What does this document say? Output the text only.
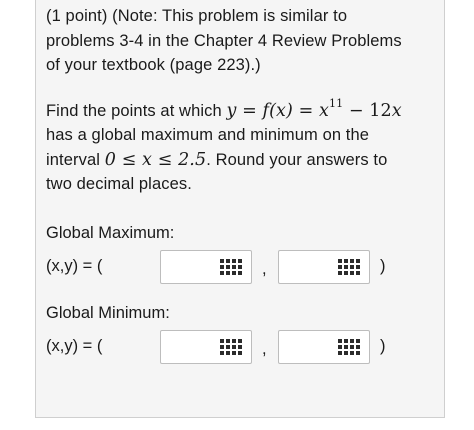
(1 point) (Note: This problem is similar to
problems 3-4 in the Chapter 4 Review Problems
of your textbook (page 223).)
Find the points at which $y = f(x) = x^{11} - 12x$
has a global maximum and minimum on the
interval 0 ≤ x ≤ 2.5. Round your answers to
two decimal places.
Global Maximum:
(x,y) = (	,	)
Global Minimum:
(x,y) = (	,	)
